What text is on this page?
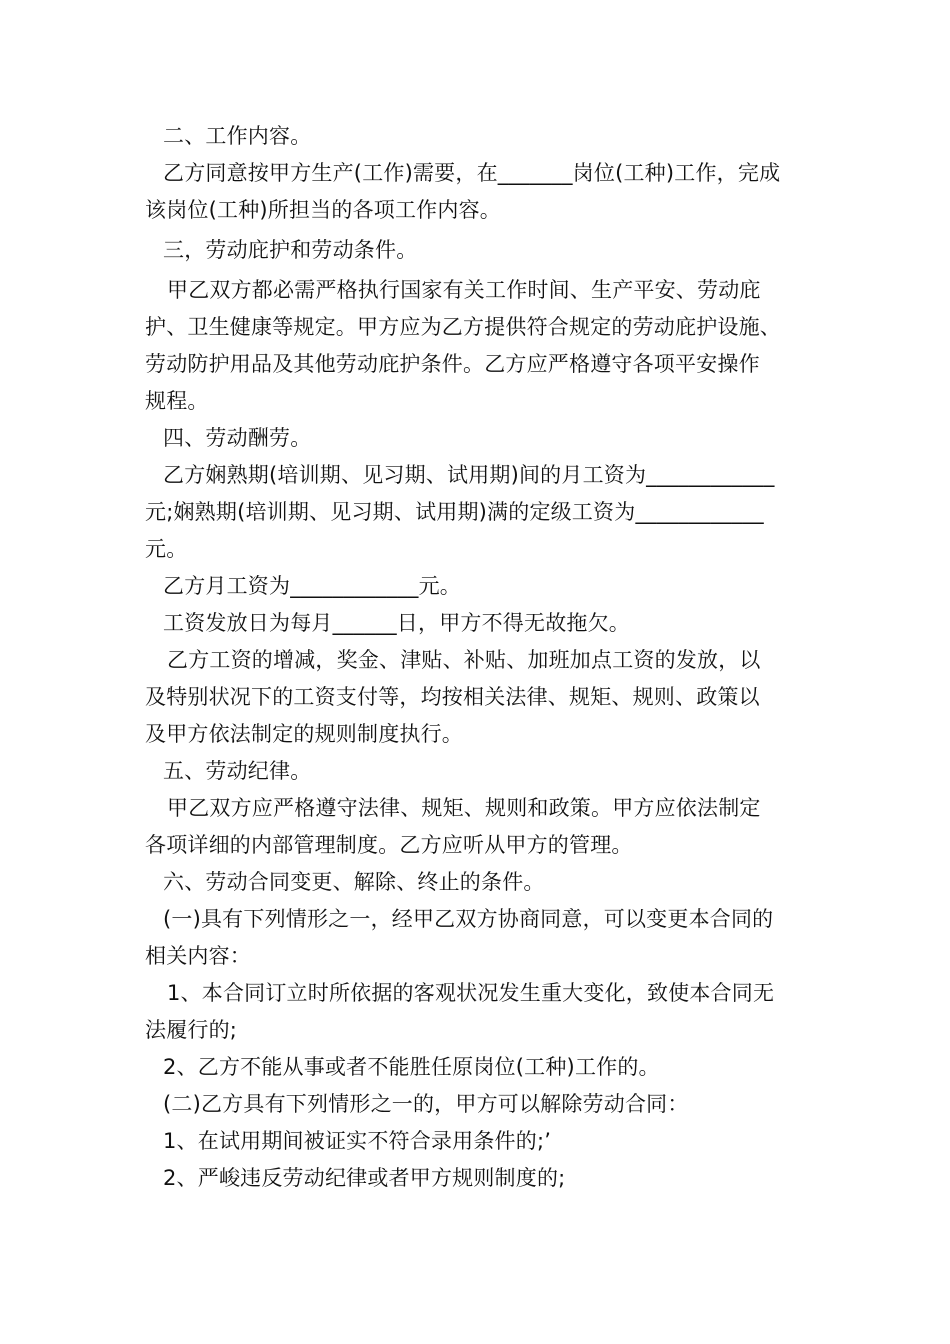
二、工作内容。
乙方同意按甲方生产(工作)需要，在_______岗位(工种)工作，完成
该岗位(工种)所担当的各项工作内容。
三，劳动庇护和劳动条件。
甲乙双方都必需严格执行国家有关工作时间、生产平安、劳动庇
护、卫生健康等规定。甲方应为乙方提供符合规定的劳动庇护设施、
劳动防护用品及其他劳动庇护条件。乙方应严格遵守各项平安操作
规程。
四、劳动酬劳。
乙方娴熟期(培训期、见习期、试用期)间的月工资为____________
元;娴熟期(培训期、见习期、试用期)满的定级工资为____________
元。
乙方月工资为____________元。
工资发放日为每月______日，甲方不得无故拖欠。
乙方工资的增减，奖金、津贴、补贴、加班加点工资的发放，以
及特别状况下的工资支付等，均按相关法律、规矩、规则、政策以
及甲方依法制定的规则制度执行。
五、劳动纪律。
甲乙双方应严格遵守法律、规矩、规则和政策。甲方应依法制定
各项详细的内部管理制度。乙方应听从甲方的管理。
六、劳动合同变更、解除、终止的条件。
(一)具有下列情形之一，经甲乙双方协商同意，可以变更本合同的
相关内容：
1、本合同订立时所依据的客观状况发生重大变化，致使本合同无
法履行的;
2、乙方不能从事或者不能胜任原岗位(工种)工作的。
(二)乙方具有下列情形之一的，甲方可以解除劳动合同：
1、在试用期间被证实不符合录用条件的;’
2、严峻违反劳动纪律或者甲方规则制度的;
